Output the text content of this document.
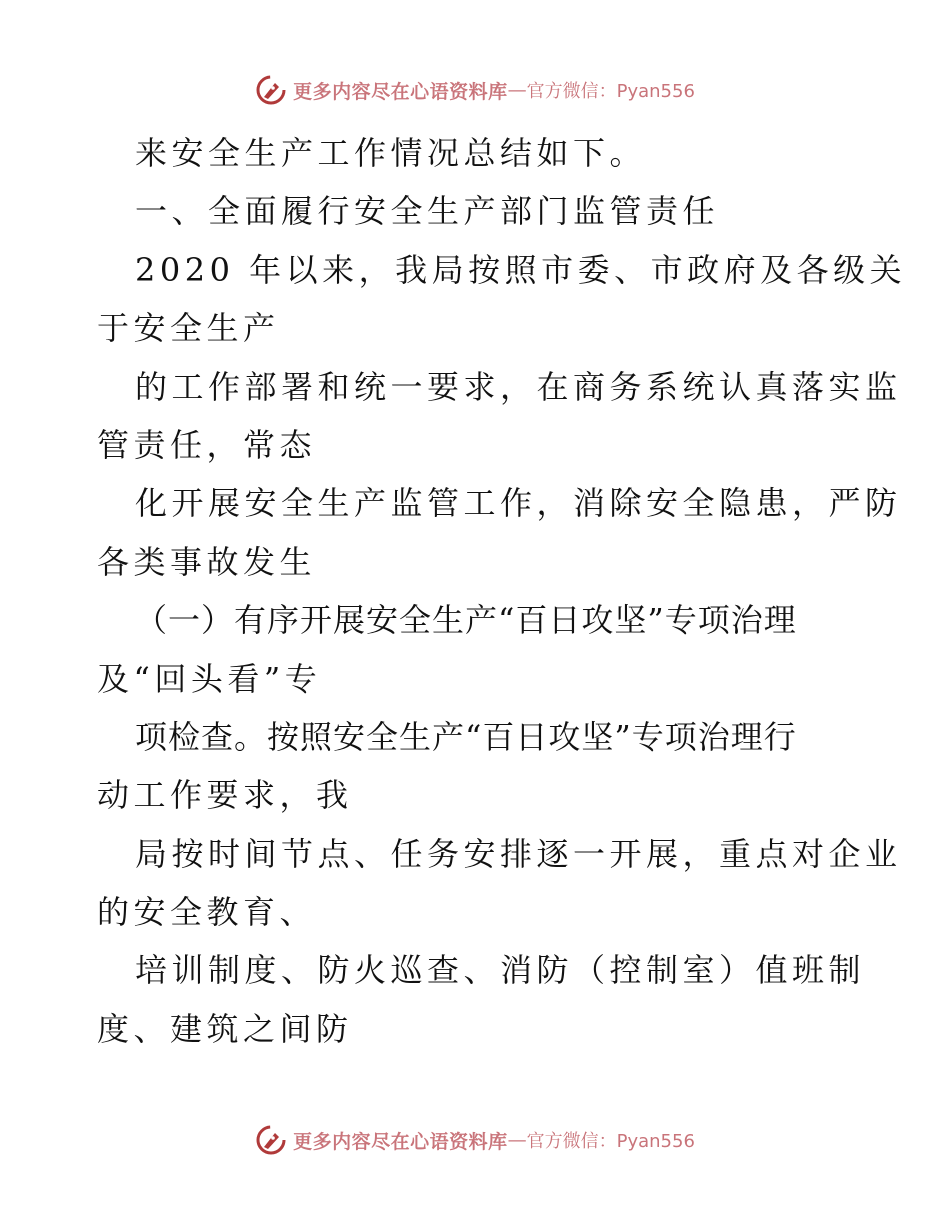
更多内容尽在心语资料库 — 官方微信：Pyan556
来安全生产工作情况总结如下。
一、全面履行安全生产部门监管责任
2020 年以来，我局按照市委、市政府及各级关
于安全生产
的工作部署和统一要求，在商务系统认真落实监
管责任，常态
化开展安全生产监管工作，消除安全隐患，严防
各类事故发生
（一）有序开展安全生产“百日攻坚”专项治理
及“回头看”专
项检查。按照安全生产“百日攻坚”专项治理行
动工作要求，我
局按时间节点、任务安排逐一开展，重点对企业
的安全教育、
培训制度、防火巡查、消防（控制室）值班制
度、建筑之间防
更多内容尽在心语资料库 — 官方微信：Pyan556
